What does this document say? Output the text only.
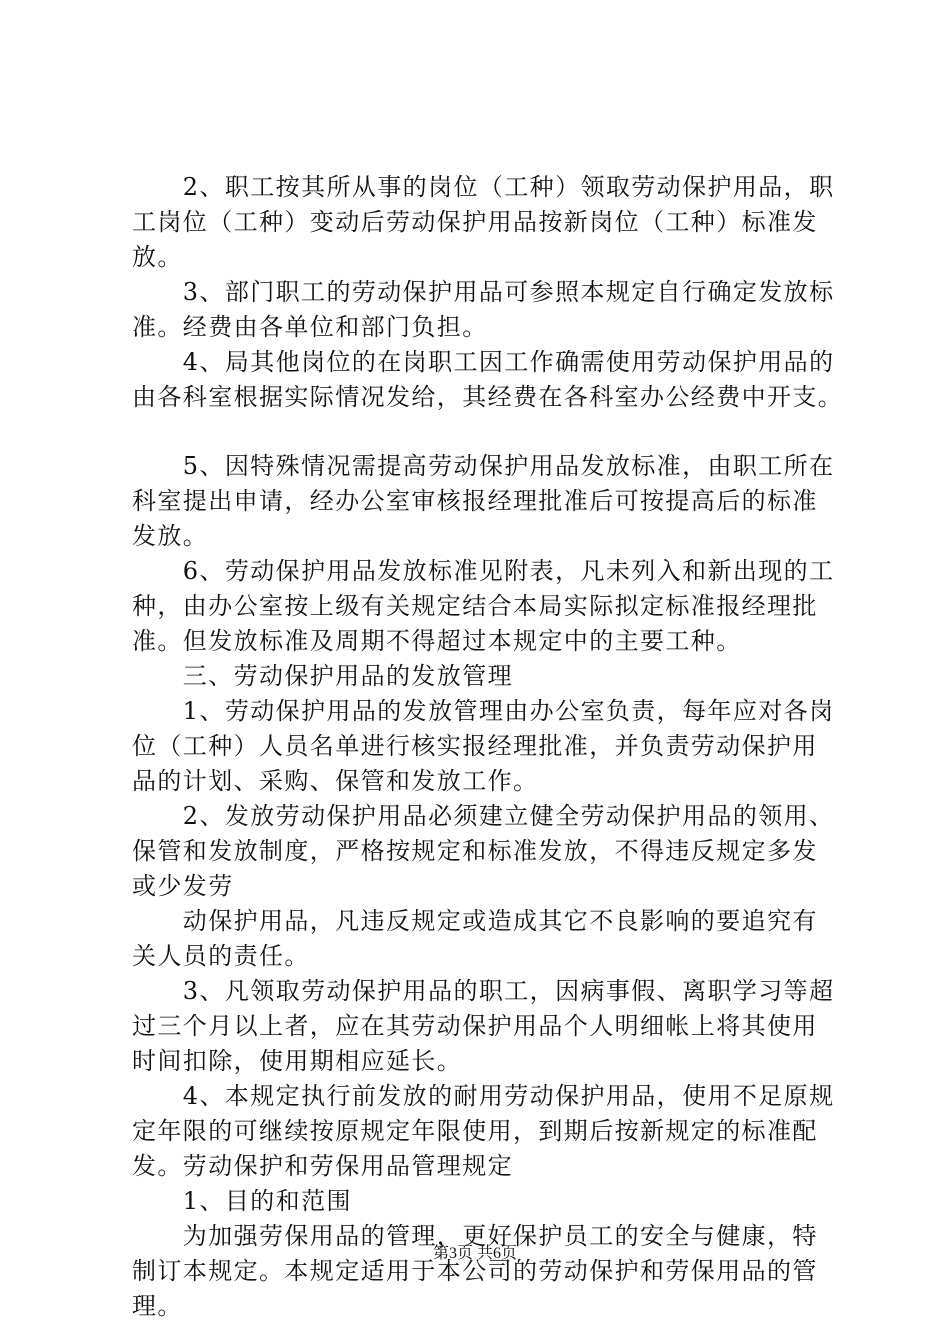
　　2、职工按其所从事的岗位（工种）领取劳动保护用品，职
工岗位（工种）变动后劳动保护用品按新岗位（工种）标准发
放。
　　3、部门职工的劳动保护用品可参照本规定自行确定发放标
准。经费由各单位和部门负担。
　　4、局其他岗位的在岗职工因工作确需使用劳动保护用品的
由各科室根据实际情况发给，其经费在各科室办公经费中开支。
　　5、因特殊情况需提高劳动保护用品发放标准，由职工所在
科室提出申请，经办公室审核报经理批准后可按提高后的标准
发放。
　　6、劳动保护用品发放标准见附表，凡未列入和新出现的工
种，由办公室按上级有关规定结合本局实际拟定标准报经理批
准。但发放标准及周期不得超过本规定中的主要工种。
　　三、劳动保护用品的发放管理
　　1、劳动保护用品的发放管理由办公室负责，每年应对各岗
位（工种）人员名单进行核实报经理批准，并负责劳动保护用
品的计划、采购、保管和发放工作。
　　2、发放劳动保护用品必须建立健全劳动保护用品的领用、
保管和发放制度，严格按规定和标准发放，不得违反规定多发
或少发劳
　　动保护用品，凡违反规定或造成其它不良影响的要追究有
关人员的责任。
　　3、凡领取劳动保护用品的职工，因病事假、离职学习等超
过三个月以上者，应在其劳动保护用品个人明细帐上将其使用
时间扣除，使用期相应延长。
　　4、本规定执行前发放的耐用劳动保护用品，使用不足原规
定年限的可继续按原规定年限使用，到期后按新规定的标准配
发。劳动保护和劳保用品管理规定
　　1、目的和范围
　　为加强劳保用品的管理，更好保护员工的安全与健康，特
制订本规定。本规定适用于本公司的劳动保护和劳保用品的管
理。
第3页 共6页
